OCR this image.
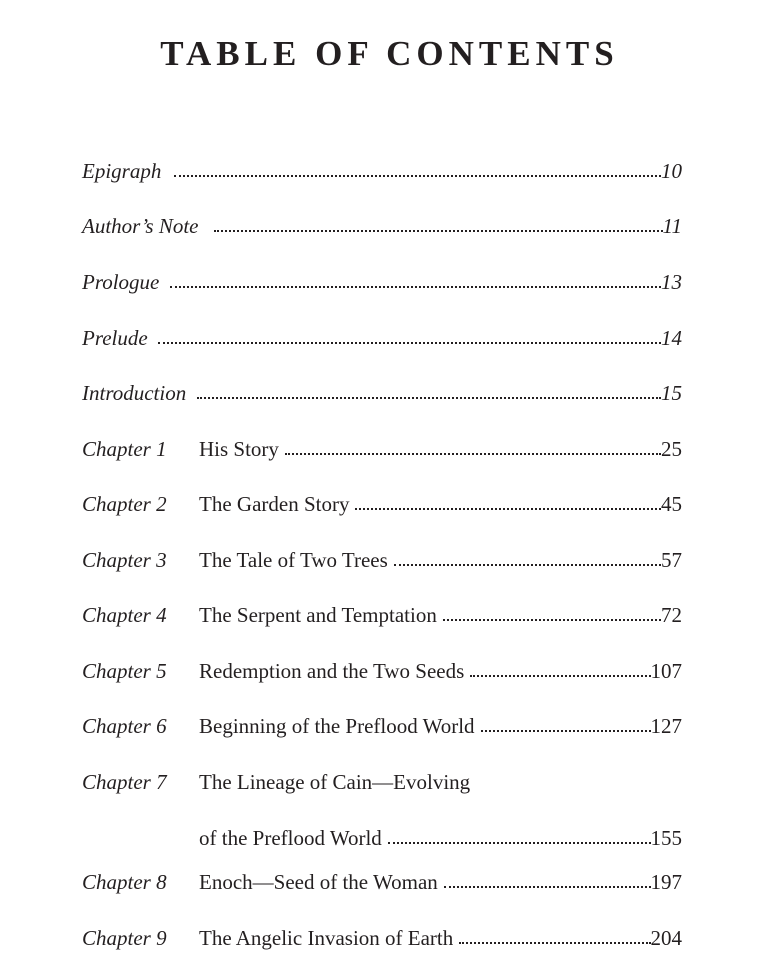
TABLE OF CONTENTS
Epigraph	10
Author’s Note	11
Prologue	13
Prelude	14
Introduction	15
Chapter 1 His Story	25
Chapter 2 The Garden Story	45
Chapter 3 The Tale of Two Trees	57
Chapter 4 The Serpent and Temptation	72
Chapter 5 Redemption and the Two Seeds	107
Chapter 6 Beginning of the Preflood World	127
Chapter 7 The Lineage of Cain—Evolving
of the Preflood World	155
Chapter 8 Enoch—Seed of the Woman	197
Chapter 9 The Angelic Invasion of Earth	204
